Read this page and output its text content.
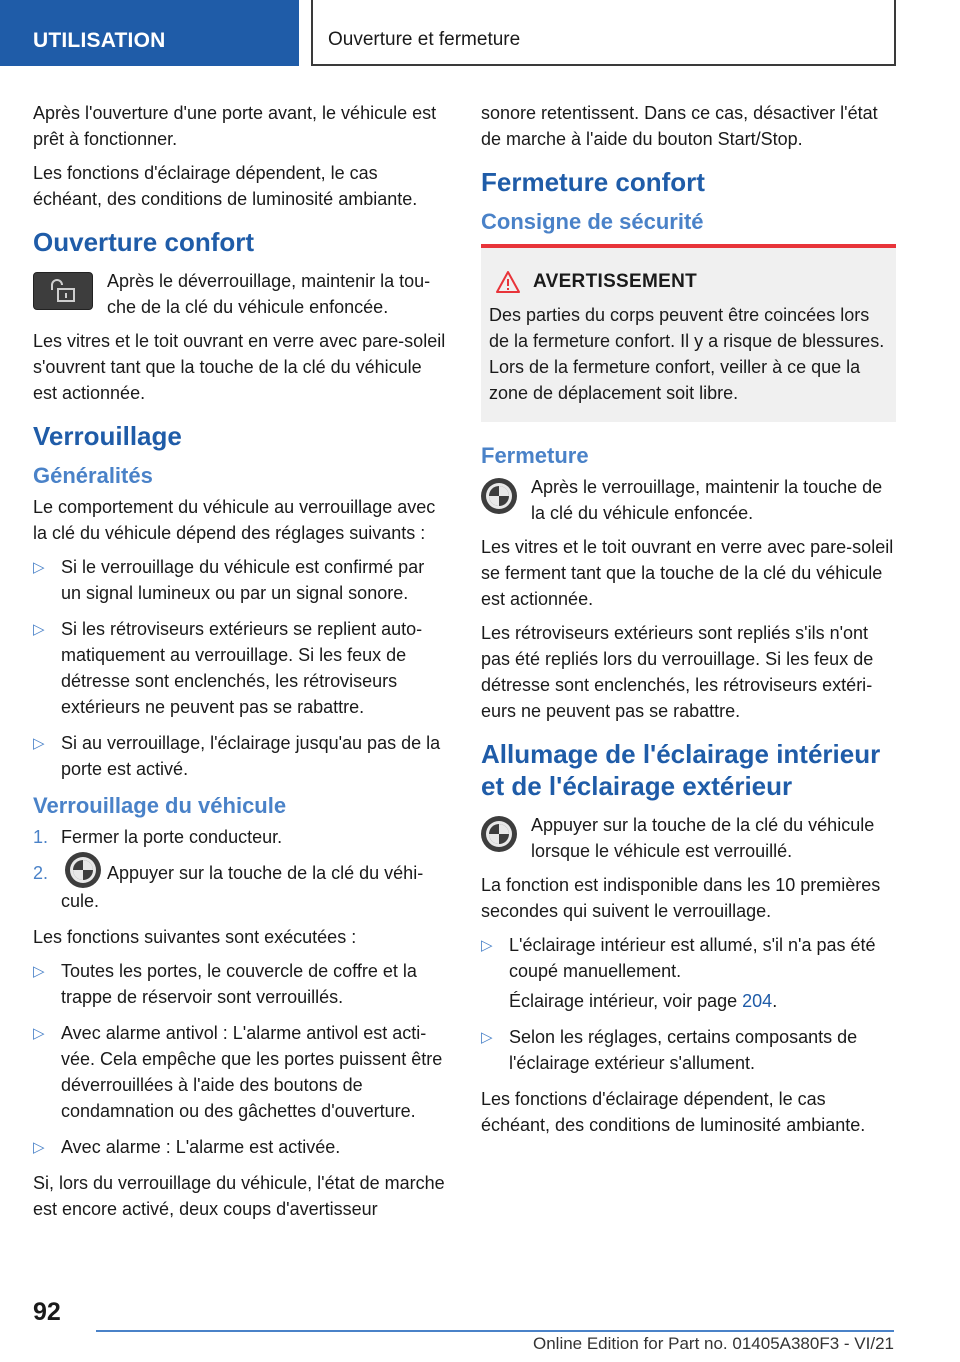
UTILISATION	Ouverture et fermeture

Après l'ouverture d'une porte avant, le véhicule est prêt à fonctionner.

Les fonctions d'éclairage dépendent, le cas échéant, des conditions de luminosité ambiante.

Ouverture confort
Après le déverrouillage, maintenir la touche de la clé du véhicule enfoncée.

Les vitres et le toit ouvrant en verre avec pare-soleil s'ouvrent tant que la touche de la clé du véhicule est actionnée.

Verrouillage
Généralités

Le comportement du véhicule au verrouillage avec la clé du véhicule dépend des réglages suivants :

▷ Si le verrouillage du véhicule est confirmé par un signal lumineux ou par un signal sonore.
▷ Si les rétroviseurs extérieurs se replient automatiquement au verrouillage. Si les feux de détresse sont enclenchés, les rétroviseurs extérieurs ne peuvent pas se rabattre.
▷ Si au verrouillage, l'éclairage jusqu'au pas de la porte est activé.
Verrouillage du véhicule
1. Fermer la porte conducteur.
2.	Appuyer sur la touche de la clé du véhicule.

Les fonctions suivantes sont exécutées :

▷ Toutes les portes, le couvercle de coffre et la trappe de réservoir sont verrouillés.
▷ Avec alarme antivol : L'alarme antivol est activée. Cela empêche que les portes puissent être déverrouillées à l'aide des boutons de condamnation ou des gâchettes d'ouverture.
▷ Avec alarme : L'alarme est activée.

Si, lors du verrouillage du véhicule, l'état de marche est encore activé, deux coups d'avertisseur

sonore retentissent. Dans ce cas, désactiver l'état de marche à l'aide du bouton Start/Stop.

Fermeture confort
Consigne de sécurité
AVERTISSEMENT

Des parties du corps peuvent être coincées lors de la fermeture confort. Il y a risque de blessures. Lors de la fermeture confort, veiller à ce que la zone de déplacement soit libre.

Fermeture
Après le verrouillage, maintenir la touche de la clé du véhicule enfoncée.

Les vitres et le toit ouvrant en verre avec pare-soleil se ferment tant que la touche de la clé du véhicule est actionnée.

Les rétroviseurs extérieurs sont repliés s'ils n'ont pas été repliés lors du verrouillage. Si les feux de détresse sont enclenchés, les rétroviseurs extérieurs ne peuvent pas se rabattre.

Allumage de l'éclairage intérieur et de l'éclairage extérieur
Appuyer sur la touche de la clé du véhicule lorsque le véhicule est verrouillé.

La fonction est indisponible dans les 10 premières secondes qui suivent le verrouillage.

▷ L'éclairage intérieur est allumé, s'il n'a pas été coupé manuellement.
Éclairage intérieur, voir page 204.
▷ Selon les réglages, certains composants de l'éclairage extérieur s'allument.

Les fonctions d'éclairage dépendent, le cas échéant, des conditions de luminosité ambiante.

92
Online Edition for Part no. 01405A380F3 - VI/21
